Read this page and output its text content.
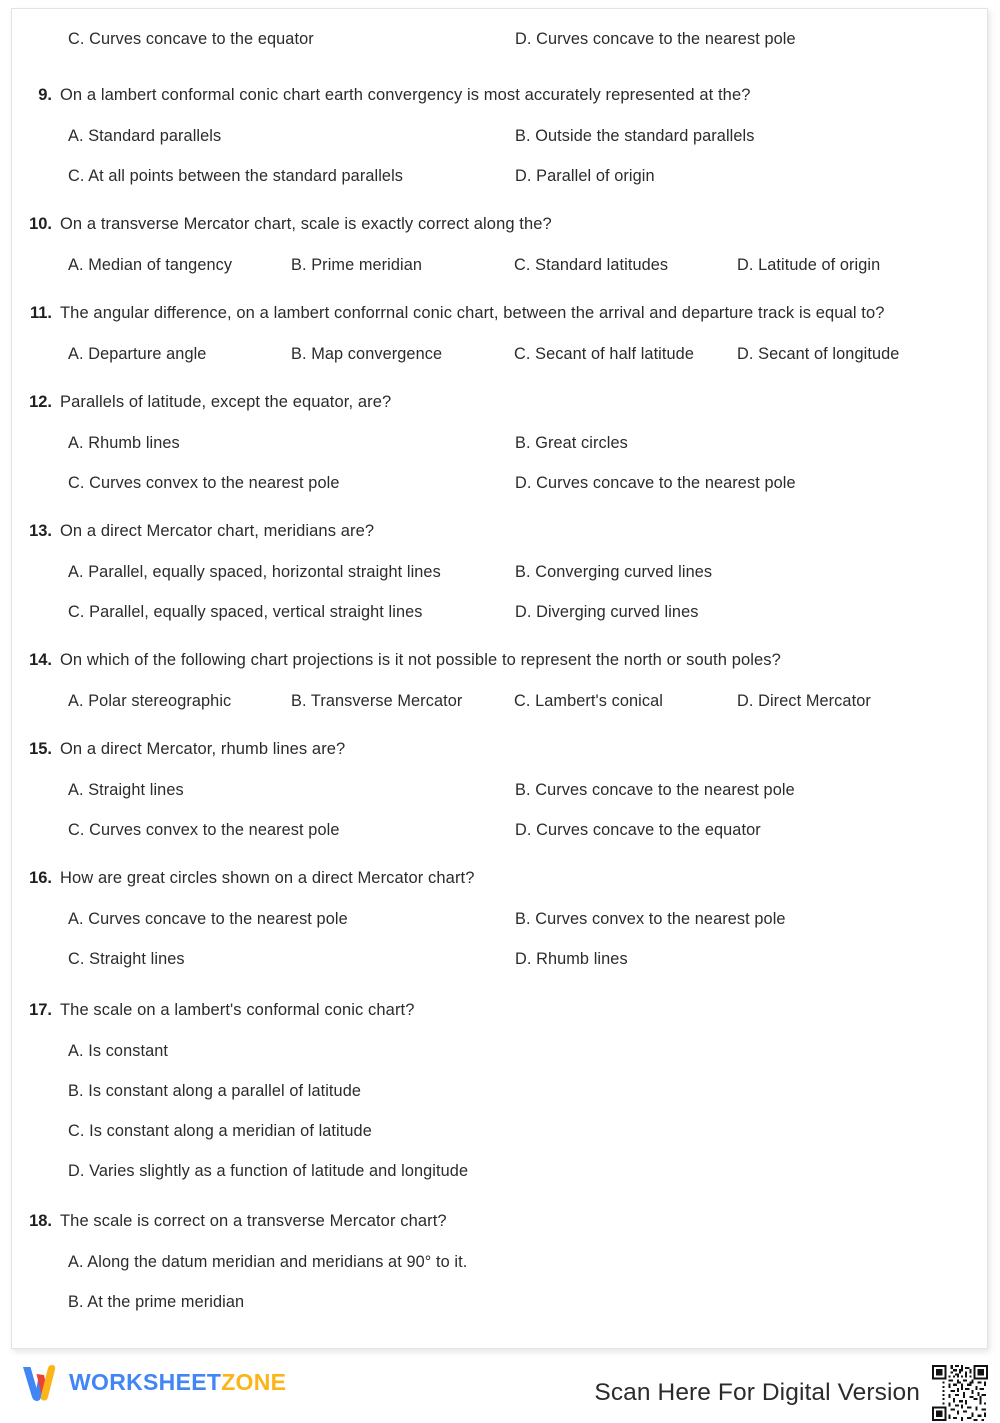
C. Curves concave to the equator	D. Curves concave to the nearest pole
9. On a lambert conformal conic chart earth convergency is most accurately represented at the?
A. Standard parallels	B. Outside the standard parallels
C. At all points between the standard parallels	D. Parallel of origin
10. On a transverse Mercator chart, scale is exactly correct along the?
A. Median of tangency	B. Prime meridian	C. Standard latitudes	D. Latitude of origin
11. The angular difference, on a lambert conforrnal conic chart, between the arrival and departure track is equal to?
A. Departure angle	B. Map convergence	C. Secant of half latitude	D. Secant of longitude
12. Parallels of latitude, except the equator, are?
A. Rhumb lines	B. Great circles
C. Curves convex to the nearest pole	D. Curves concave to the nearest pole
13. On a direct Mercator chart, meridians are?
A. Parallel, equally spaced, horizontal straight lines	B. Converging curved lines
C. Parallel, equally spaced, vertical straight lines	D. Diverging curved lines
14. On which of the following chart projections is it not possible to represent the north or south poles?
A. Polar stereographic	B. Transverse Mercator	C. Lambert's conical	D. Direct Mercator
15. On a direct Mercator, rhumb lines are?
A. Straight lines	B. Curves concave to the nearest pole
C. Curves convex to the nearest pole	D. Curves concave to the equator
16. How are great circles shown on a direct Mercator chart?
A. Curves concave to the nearest pole	B. Curves convex to the nearest pole
C. Straight lines	D. Rhumb lines
17. The scale on a lambert's conformal conic chart?
A. Is constant
B. Is constant along a parallel of latitude
C. Is constant along a meridian of latitude
D. Varies slightly as a function of latitude and longitude
18. The scale is correct on a transverse Mercator chart?
A. Along the datum meridian and meridians at 90° to it.
B. At the prime meridian
WORKSHEETZONE	Scan Here For Digital Version
